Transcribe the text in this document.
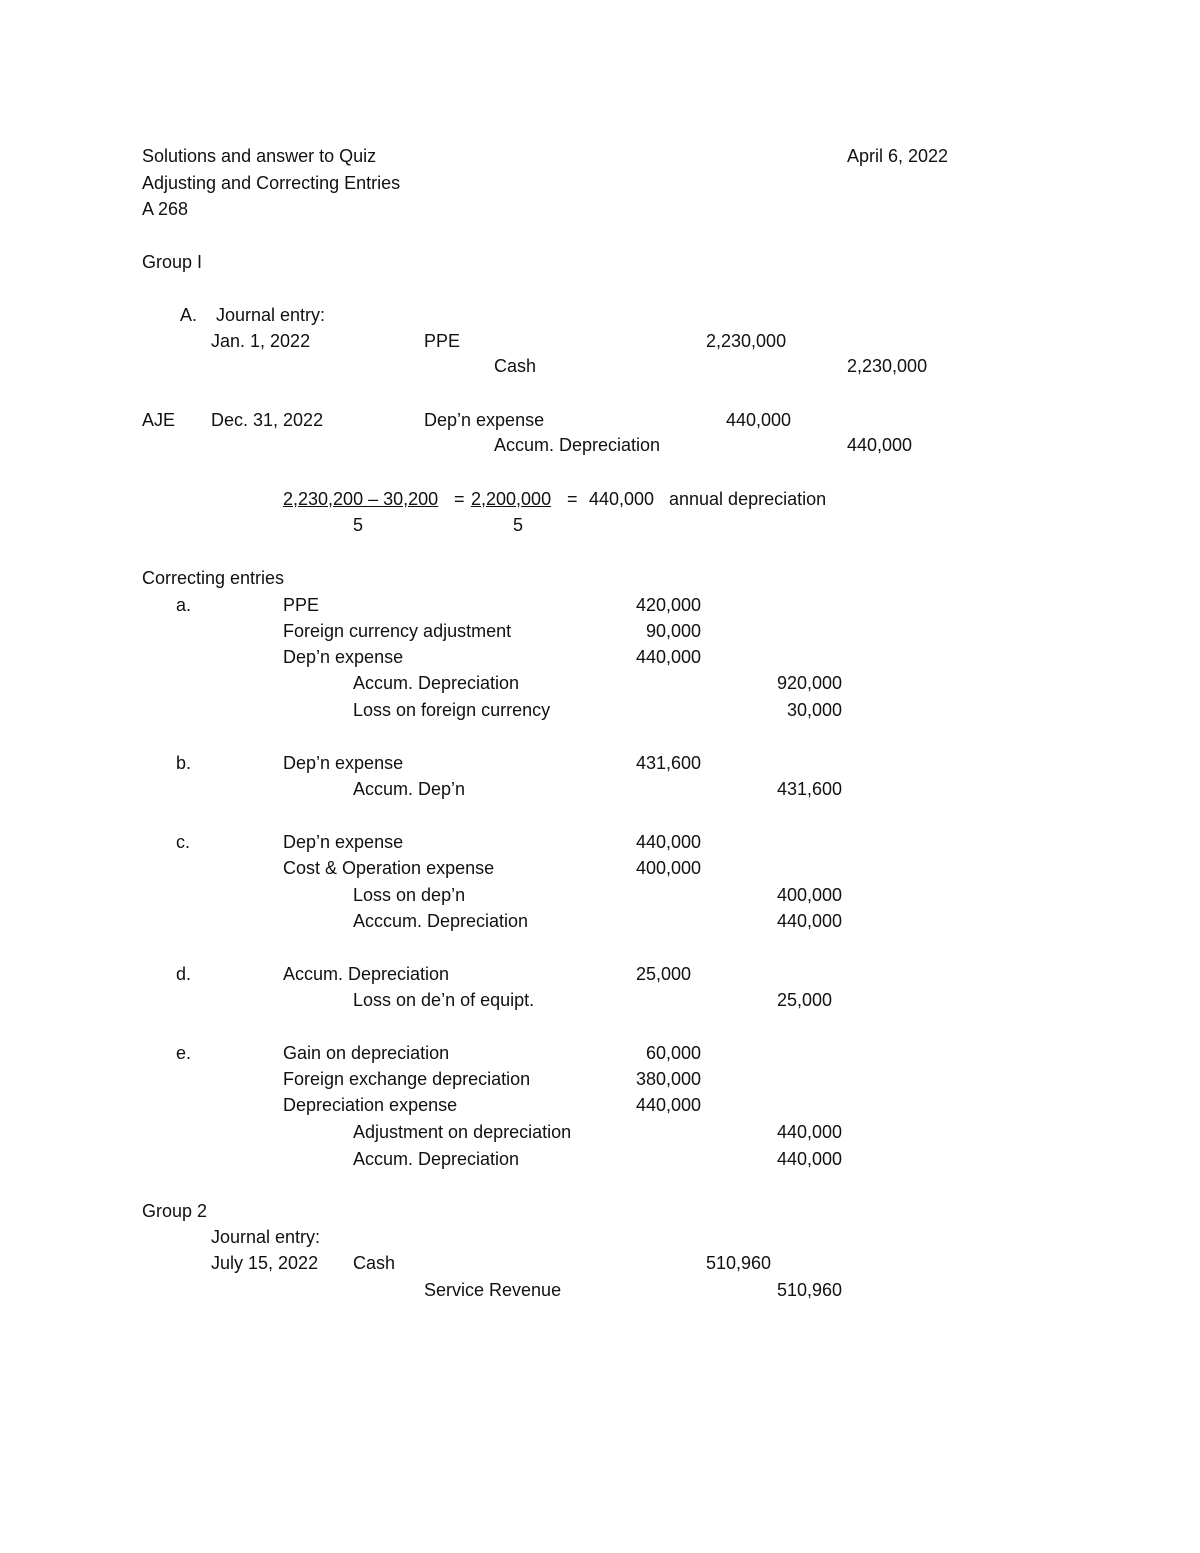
Solutions and answer to Quiz	April 6, 2022
Adjusting and Correcting Entries
A 268
Group I
A. Journal entry:
Jan. 1, 2022	PPE	2,230,000
Cash	2,230,000
AJE Dec. 31, 2022	Dep’n expense	440,000
Accum. Depreciation	440,000
2,230,200 – 30,200 = 2,200,000 = 440,000 annual depreciation
5	5
Correcting entries
a.	PPE	420,000
Foreign currency adjustment	90,000
Dep’n expense	440,000
Accum. Depreciation	920,000
Loss on foreign currency	30,000
b.	Dep’n expense	431,600
Accum. Dep’n	431,600
c.	Dep’n expense	440,000
Cost & Operation expense	400,000
Loss on dep’n	400,000
Acccum. Depreciation	440,000
d.	Accum. Depreciation	25,000
Loss on de’n of equipt.	25,000
e.	Gain on depreciation	60,000
Foreign exchange depreciation	380,000
Depreciation expense	440,000
Adjustment on depreciation	440,000
Accum. Depreciation	440,000
Group 2
Journal entry:
July 15, 2022 Cash	510,960
Service Revenue	510,960
